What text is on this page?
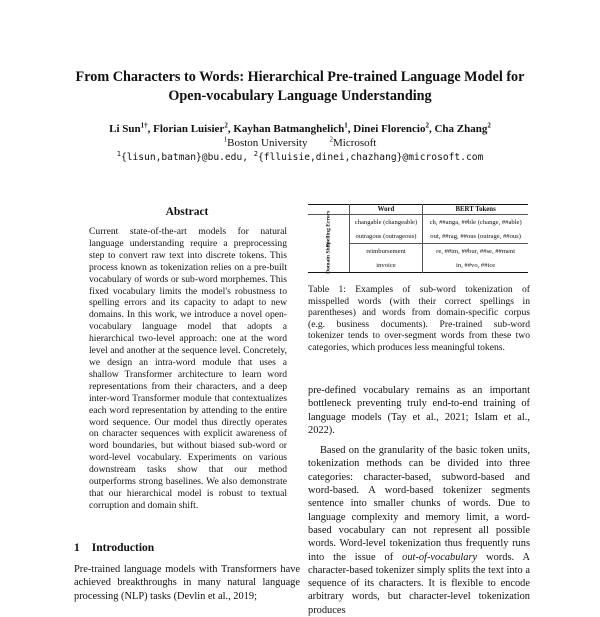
From Characters to Words: Hierarchical Pre-trained Language Model for
Open-vocabulary Language Understanding
Li Sun$^{1\dagger}$, Florian Luisier$^2$, Kayhan Batmanghelich$^1$, Dinei Florencio$^2$, Cha Zhang$^2$
$^1$Boston University	$^2$Microsoft
$^1${lisun,batman}@bu.edu, $^2${flluisie,dinei,chazhang}@microsoft.com
Abstract

Current state-of-the-art models for natural language understanding require a preprocessing step to convert raw text into discrete tokens. This process known as tokenization relies on a pre-built vocabulary of words or sub-word morphemes. This fixed vocabulary limits the model's robustness to spelling errors and its capacity to adapt to new domains. In this work, we introduce a novel open-vocabulary language model that adopts a hierarchical two-level approach: one at the word level and another at the sequence level. Concretely, we design an intra-word module that uses a shallow Transformer architecture to learn word representations from their characters, and a deep inter-word Transformer module that contextualizes each word representation by attending to the entire word sequence. Our model thus directly operates on character sequences with explicit awareness of word boundaries, but without biased sub-word or word-level vocabulary. Experiments on various downstream tasks show that our method outperforms strong baselines. We also demonstrate that our hierarchical model is robust to textual corruption and domain shift.

1 Introduction

Pre-trained language models with Transformers have achieved breakthroughs in many natural language processing (NLP) tasks (Devlin et al., 2019;

	Word	BERT Tokens

Spelling Errors	changable (changeable)	ch, ##anga, ##ble (change, ##able)
	outragous (outrageous)	out, ##rag, ##ous (outrage, ##ous)

Domain Shift	reimbursement	re, ##im, ##bur, ##se, ##ment
	invoice	in, ##vo, ##ice

Table 1: Examples of sub-word tokenization of misspelled words (with their correct spellings in parentheses) and words from domain-specific corpus (e.g. business documents). Pre-trained sub-word tokenizer tends to over-segment words from these two categories, which produces less meaningful tokens.

pre-defined vocabulary remains as an important bottleneck preventing truly end-to-end training of language models (Tay et al., 2021; Islam et al., 2022).

Based on the granularity of the basic token units, tokenization methods can be divided into three categories: character-based, subword-based and word-based. A word-based tokenizer segments sentence into smaller chunks of words. Due to language complexity and memory limit, a word-based vocabulary can not represent all possible words. Word-level tokenization thus frequently runs into the issue of out-of-vocabulary words. A character-based tokenizer simply splits the text into a sequence of its characters. It is flexible to encode arbitrary words, but character-level tokenization produces
